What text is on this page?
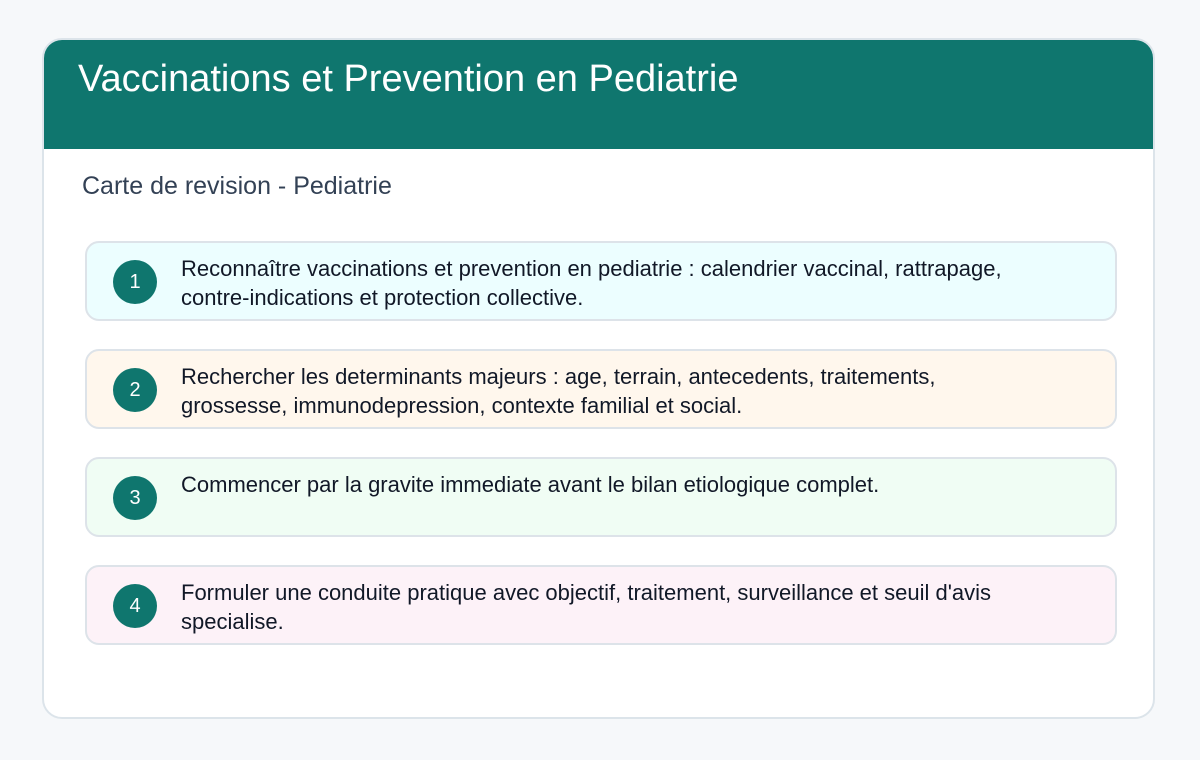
Vaccinations et Prevention en Pediatrie
Carte de revision - Pediatrie
1
Reconnaître vaccinations et prevention en pediatrie : calendrier vaccinal, rattrapage, contre-indications et protection collective.
2
Rechercher les determinants majeurs : age, terrain, antecedents, traitements, grossesse, immunodepression, contexte familial et social.
3
Commencer par la gravite immediate avant le bilan etiologique complet.
4
Formuler une conduite pratique avec objectif, traitement, surveillance et seuil d'avis specialise.
